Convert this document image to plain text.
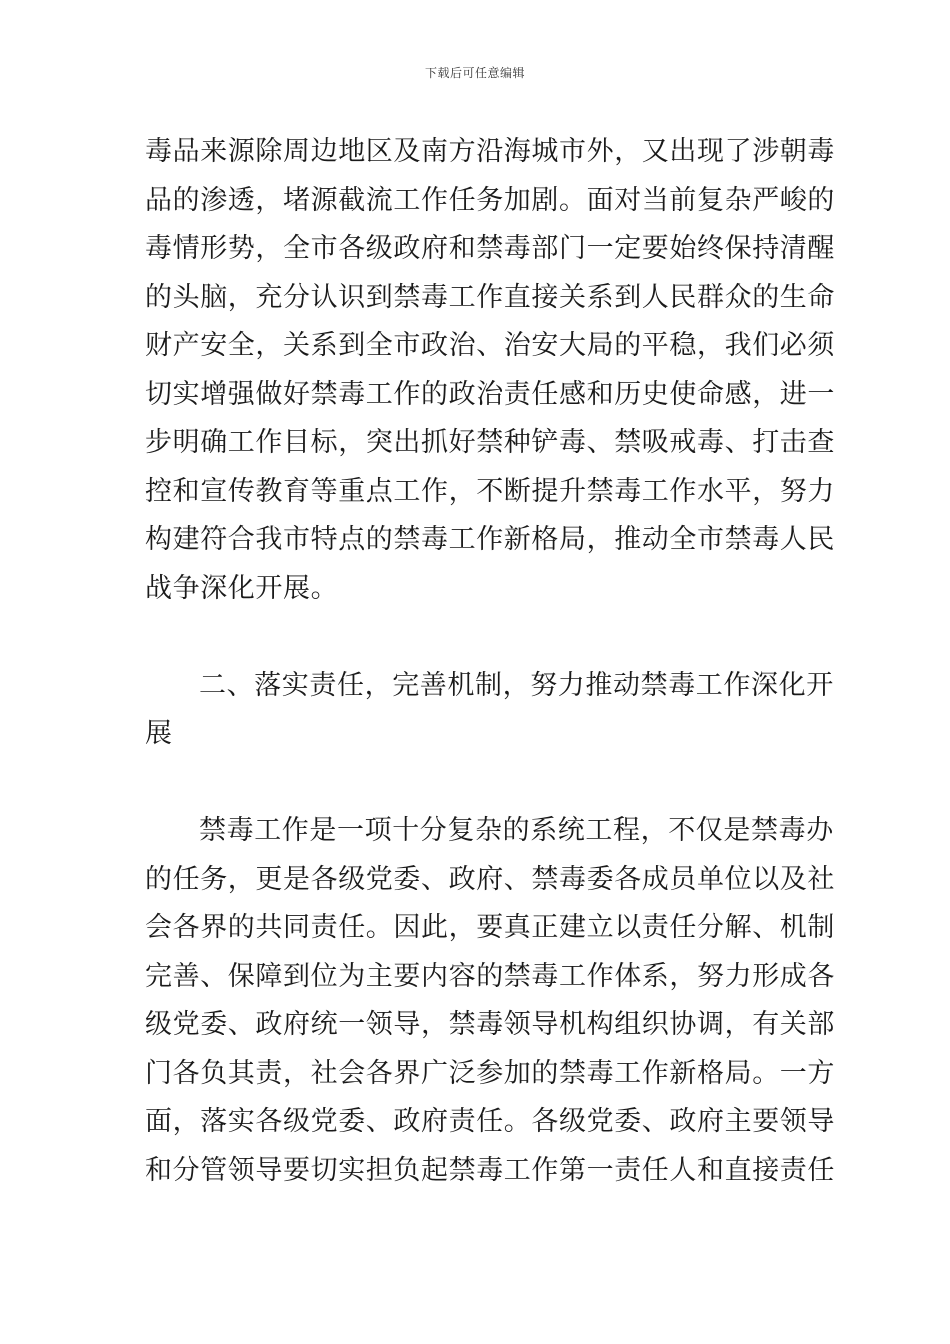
下载后可任意编辑
毒品来源除周边地区及南方沿海城市外，又出现了涉朝毒
品的渗透，堵源截流工作任务加剧。面对当前复杂严峻的
毒情形势，全市各级政府和禁毒部门一定要始终保持清醒
的头脑，充分认识到禁毒工作直接关系到人民群众的生命
财产安全，关系到全市政治、治安大局的平稳，我们必须
切实增强做好禁毒工作的政治责任感和历史使命感，进一
步明确工作目标，突出抓好禁种铲毒、禁吸戒毒、打击查
控和宣传教育等重点工作，不断提升禁毒工作水平，努力
构建符合我市特点的禁毒工作新格局，推动全市禁毒人民
战争深化开展。
二、落实责任，完善机制，努力推动禁毒工作深化开
展
禁毒工作是一项十分复杂的系统工程，不仅是禁毒办
的任务，更是各级党委、政府、禁毒委各成员单位以及社
会各界的共同责任。因此，要真正建立以责任分解、机制
完善、保障到位为主要内容的禁毒工作体系，努力形成各
级党委、政府统一领导，禁毒领导机构组织协调，有关部
门各负其责，社会各界广泛参加的禁毒工作新格局。一方
面，落实各级党委、政府责任。各级党委、政府主要领导
和分管领导要切实担负起禁毒工作第一责任人和直接责任
